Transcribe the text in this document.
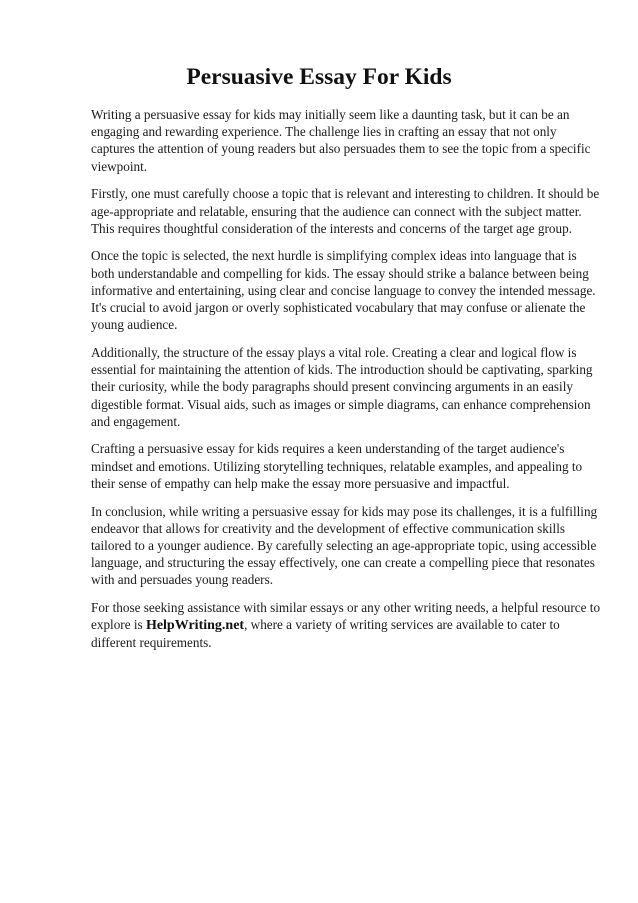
Persuasive Essay For Kids

Writing a persuasive essay for kids may initially seem like a daunting task, but it can be an engaging and rewarding experience. The challenge lies in crafting an essay that not only captures the attention of young readers but also persuades them to see the topic from a specific viewpoint.

Firstly, one must carefully choose a topic that is relevant and interesting to children. It should be age-appropriate and relatable, ensuring that the audience can connect with the subject matter. This requires thoughtful consideration of the interests and concerns of the target age group.

Once the topic is selected, the next hurdle is simplifying complex ideas into language that is both understandable and compelling for kids. The essay should strike a balance between being informative and entertaining, using clear and concise language to convey the intended message. It's crucial to avoid jargon or overly sophisticated vocabulary that may confuse or alienate the young audience.

Additionally, the structure of the essay plays a vital role. Creating a clear and logical flow is essential for maintaining the attention of kids. The introduction should be captivating, sparking their curiosity, while the body paragraphs should present convincing arguments in an easily digestible format. Visual aids, such as images or simple diagrams, can enhance comprehension and engagement.

Crafting a persuasive essay for kids requires a keen understanding of the target audience's mindset and emotions. Utilizing storytelling techniques, relatable examples, and appealing to their sense of empathy can help make the essay more persuasive and impactful.

In conclusion, while writing a persuasive essay for kids may pose its challenges, it is a fulfilling endeavor that allows for creativity and the development of effective communication skills tailored to a younger audience. By carefully selecting an age-appropriate topic, using accessible language, and structuring the essay effectively, one can create a compelling piece that resonates with and persuades young readers.

For those seeking assistance with similar essays or any other writing needs, a helpful resource to explore is HelpWriting.net, where a variety of writing services are available to cater to different requirements.
